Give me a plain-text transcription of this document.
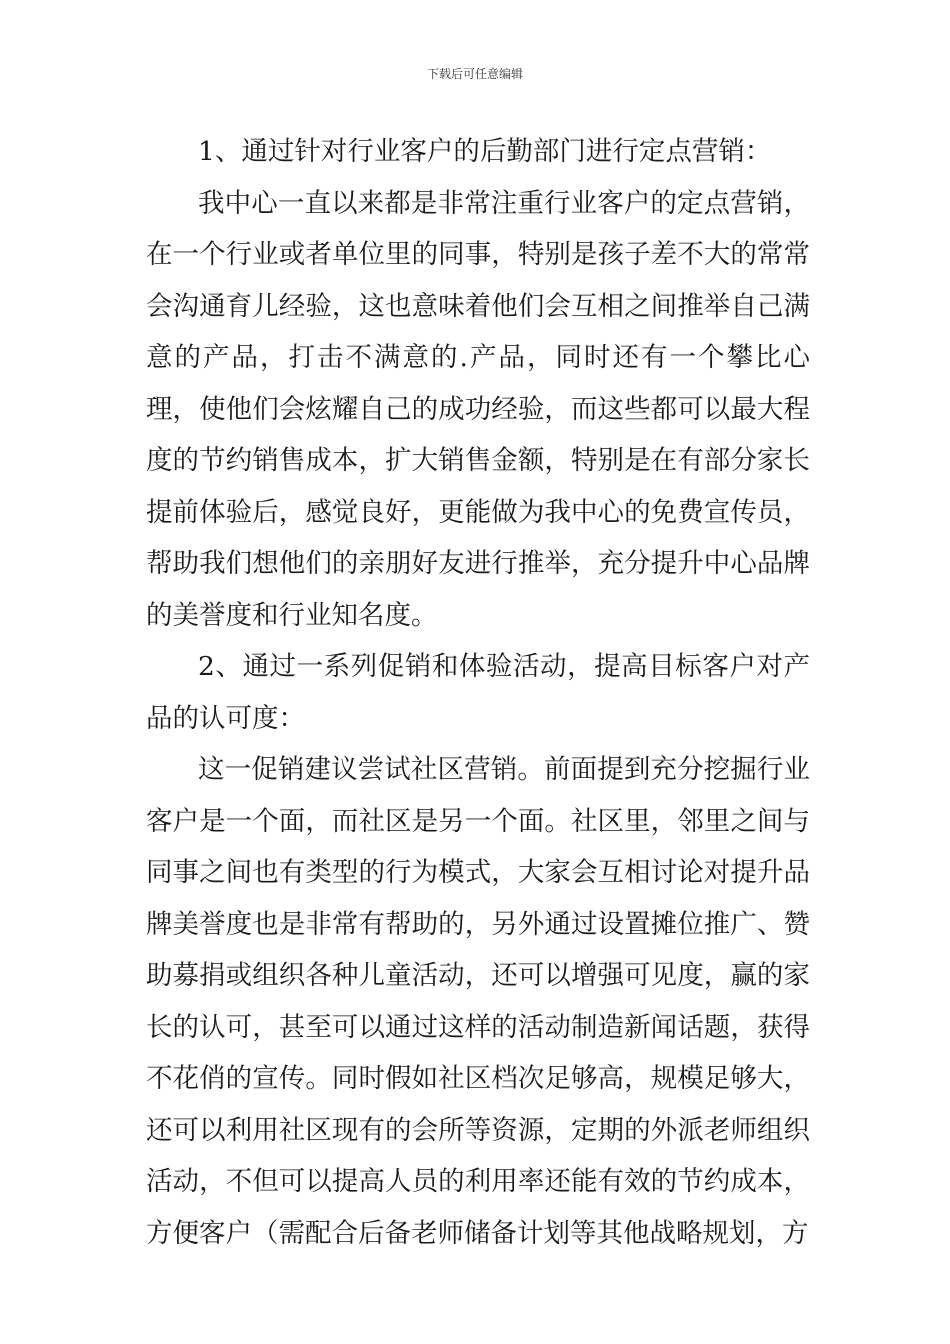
下载后可任意编辑

1、通过针对行业客户的后勤部门进行定点营销：

我中心一直以来都是非常注重行业客户的定点营销，在一个行业或者单位里的同事，特别是孩子差不大的常常会沟通育儿经验，这也意味着他们会互相之间推举自己满意的产品，打击不满意的.产品，同时还有一个攀比心理，使他们会炫耀自己的成功经验，而这些都可以最大程度的节约销售成本，扩大销售金额，特别是在有部分家长提前体验后，感觉良好，更能做为我中心的免费宣传员，帮助我们想他们的亲朋好友进行推举，充分提升中心品牌的美誉度和行业知名度。

2、通过一系列促销和体验活动，提高目标客户对产品的认可度：

这一促销建议尝试社区营销。前面提到充分挖掘行业客户是一个面，而社区是另一个面。社区里，邻里之间与同事之间也有类型的行为模式，大家会互相讨论对提升品牌美誉度也是非常有帮助的，另外通过设置摊位推广、赞助募捐或组织各种儿童活动，还可以增强可见度，赢的家长的认可，甚至可以通过这样的活动制造新闻话题，获得不花俏的宣传。同时假如社区档次足够高，规模足够大，还可以利用社区现有的会所等资源，定期的外派老师组织活动，不但可以提高人员的利用率还能有效的节约成本，方便客户（需配合后备老师储备计划等其他战略规划，方
